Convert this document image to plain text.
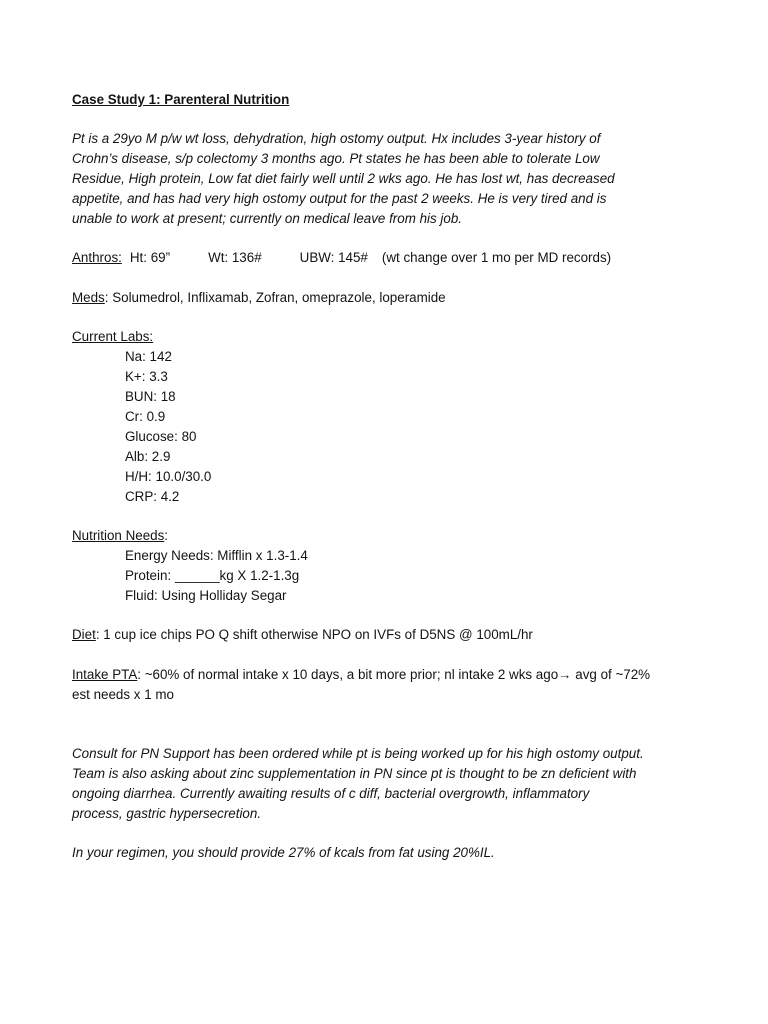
Case Study 1: Parenteral Nutrition
Pt is a 29yo M p/w wt loss, dehydration, high ostomy output. Hx includes 3-year history of
Crohn’s disease, s/p colectomy 3 months ago. Pt states he has been able to tolerate Low
Residue, High protein, Low fat diet fairly well until 2 wks ago. He has lost wt, has decreased
appetite, and has had very high ostomy output for the past 2 weeks. He is very tired and is
unable to work at present; currently on medical leave from his job.
Anthros: Ht: 69”	Wt: 136#	UBW: 145# (wt change over 1 mo per MD records)
Meds: Solumedrol, Inflixamab, Zofran, omeprazole, loperamide
Current Labs:
Na: 142
K+: 3.3
BUN: 18
Cr: 0.9
Glucose: 80
Alb: 2.9
H/H: 10.0/30.0
CRP: 4.2
Nutrition Needs:
Energy Needs: Mifflin x 1.3-1.4
Protein: ______kg X 1.2-1.3g
Fluid: Using Holliday Segar
Diet: 1 cup ice chips PO Q shift otherwise NPO on IVFs of D5NS @ 100mL/hr
Intake PTA: ~60% of normal intake x 10 days, a bit more prior; nl intake 2 wks ago→ avg of ~72%
est needs x 1 mo
Consult for PN Support has been ordered while pt is being worked up for his high ostomy output.
Team is also asking about zinc supplementation in PN since pt is thought to be zn deficient with
ongoing diarrhea. Currently awaiting results of c diff, bacterial overgrowth, inflammatory
process, gastric hypersecretion.
In your regimen, you should provide 27% of kcals from fat using 20%IL.
